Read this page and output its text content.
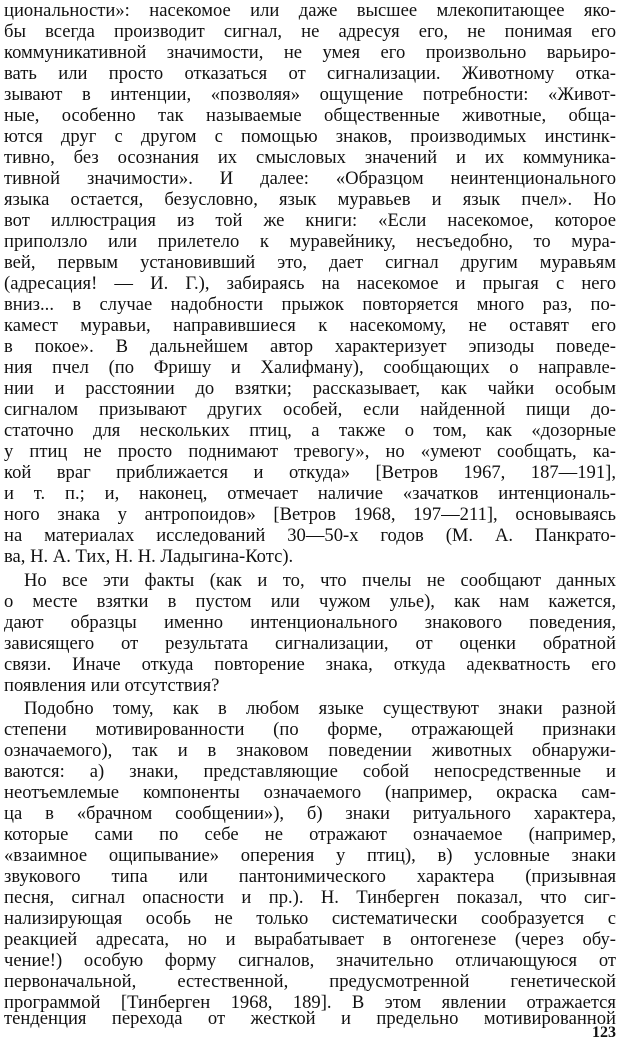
циональности»: насекомое или даже высшее млекопитающее яко-
бы всегда производит сигнал, не адресуя его, не понимая его
коммуникативной значимости, не умея его произвольно варьиро-
вать или просто отказаться от сигнализации. Животному отка-
зывают в интенции, «позволяя» ощущение потребности: «Живот-
ные, особенно так называемые общественные животные, обща-
ются друг с другом с помощью знаков, производимых инстинк-
тивно, без осознания их смысловых значений и их коммуника-
тивной значимости». И далее: «Образцом неинтенционального
языка остается, безусловно, язык муравьев и язык пчел». Но
вот иллюстрация из той же книги: «Если насекомое, которое
приползло или прилетело к муравейнику, несъедобно, то мура-
вей, первым установивший это, дает сигнал другим муравьям
(адресация! — И. Г.), забираясь на насекомое и прыгая с него
вниз... в случае надобности прыжок повторяется много раз, по-
камест муравьи, направившиеся к насекомому, не оставят его
в покое». В дальнейшем автор характеризует эпизоды поведе-
ния пчел (по Фришу и Халифману), сообщающих о направле-
нии и расстоянии до взятки; рассказывает, как чайки особым
сигналом призывают других особей, если найденной пищи до-
статочно для нескольких птиц, а также о том, как «дозорные
у птиц не просто поднимают тревогу», но «умеют сообщать, ка-
кой враг приближается и откуда» [Ветров 1967, 187—191],
и т. п.; и, наконец, отмечает наличие «зачатков интенциональ-
ного знака у антропоидов» [Ветров 1968, 197—211], основываясь
на материалах исследований 30—50-х годов (М. А. Панкрато-
ва, Н. А. Тих, Н. Н. Ладыгина-Котс).
Но все эти факты (как и то, что пчелы не сообщают данных
о месте взятки в пустом или чужом улье), как нам кажется,
дают образцы именно интенционального знакового поведения,
зависящего от результата сигнализации, от оценки обратной
связи. Иначе откуда повторение знака, откуда адекватность его
появления или отсутствия?
Подобно тому, как в любом языке существуют знаки разной
степени мотивированности (по форме, отражающей признаки
означаемого), так и в знаковом поведении животных обнаружи-
ваются: а) знаки, представляющие собой непосредственные и
неотъемлемые компоненты означаемого (например, окраска сам-
ца в «брачном сообщении»), б) знаки ритуального характера,
которые сами по себе не отражают означаемое (например,
«взаимное ощипывание» оперения у птиц), в) условные знаки
звукового типа или пантонимического характера (призывная
песня, сигнал опасности и пр.). Н. Тинберген показал, что сиг-
нализирующая особь не только систематически сообразуется с
реакцией адресата, но и вырабатывает в онтогенезе (через обу-
чение!) особую форму сигналов, значительно отличающуюся от
первоначальной, естественной, предусмотренной генетической
программой [Тинберген 1968, 189]. В этом явлении отражается
тенденция перехода от жесткой и предельно мотивированной
123
